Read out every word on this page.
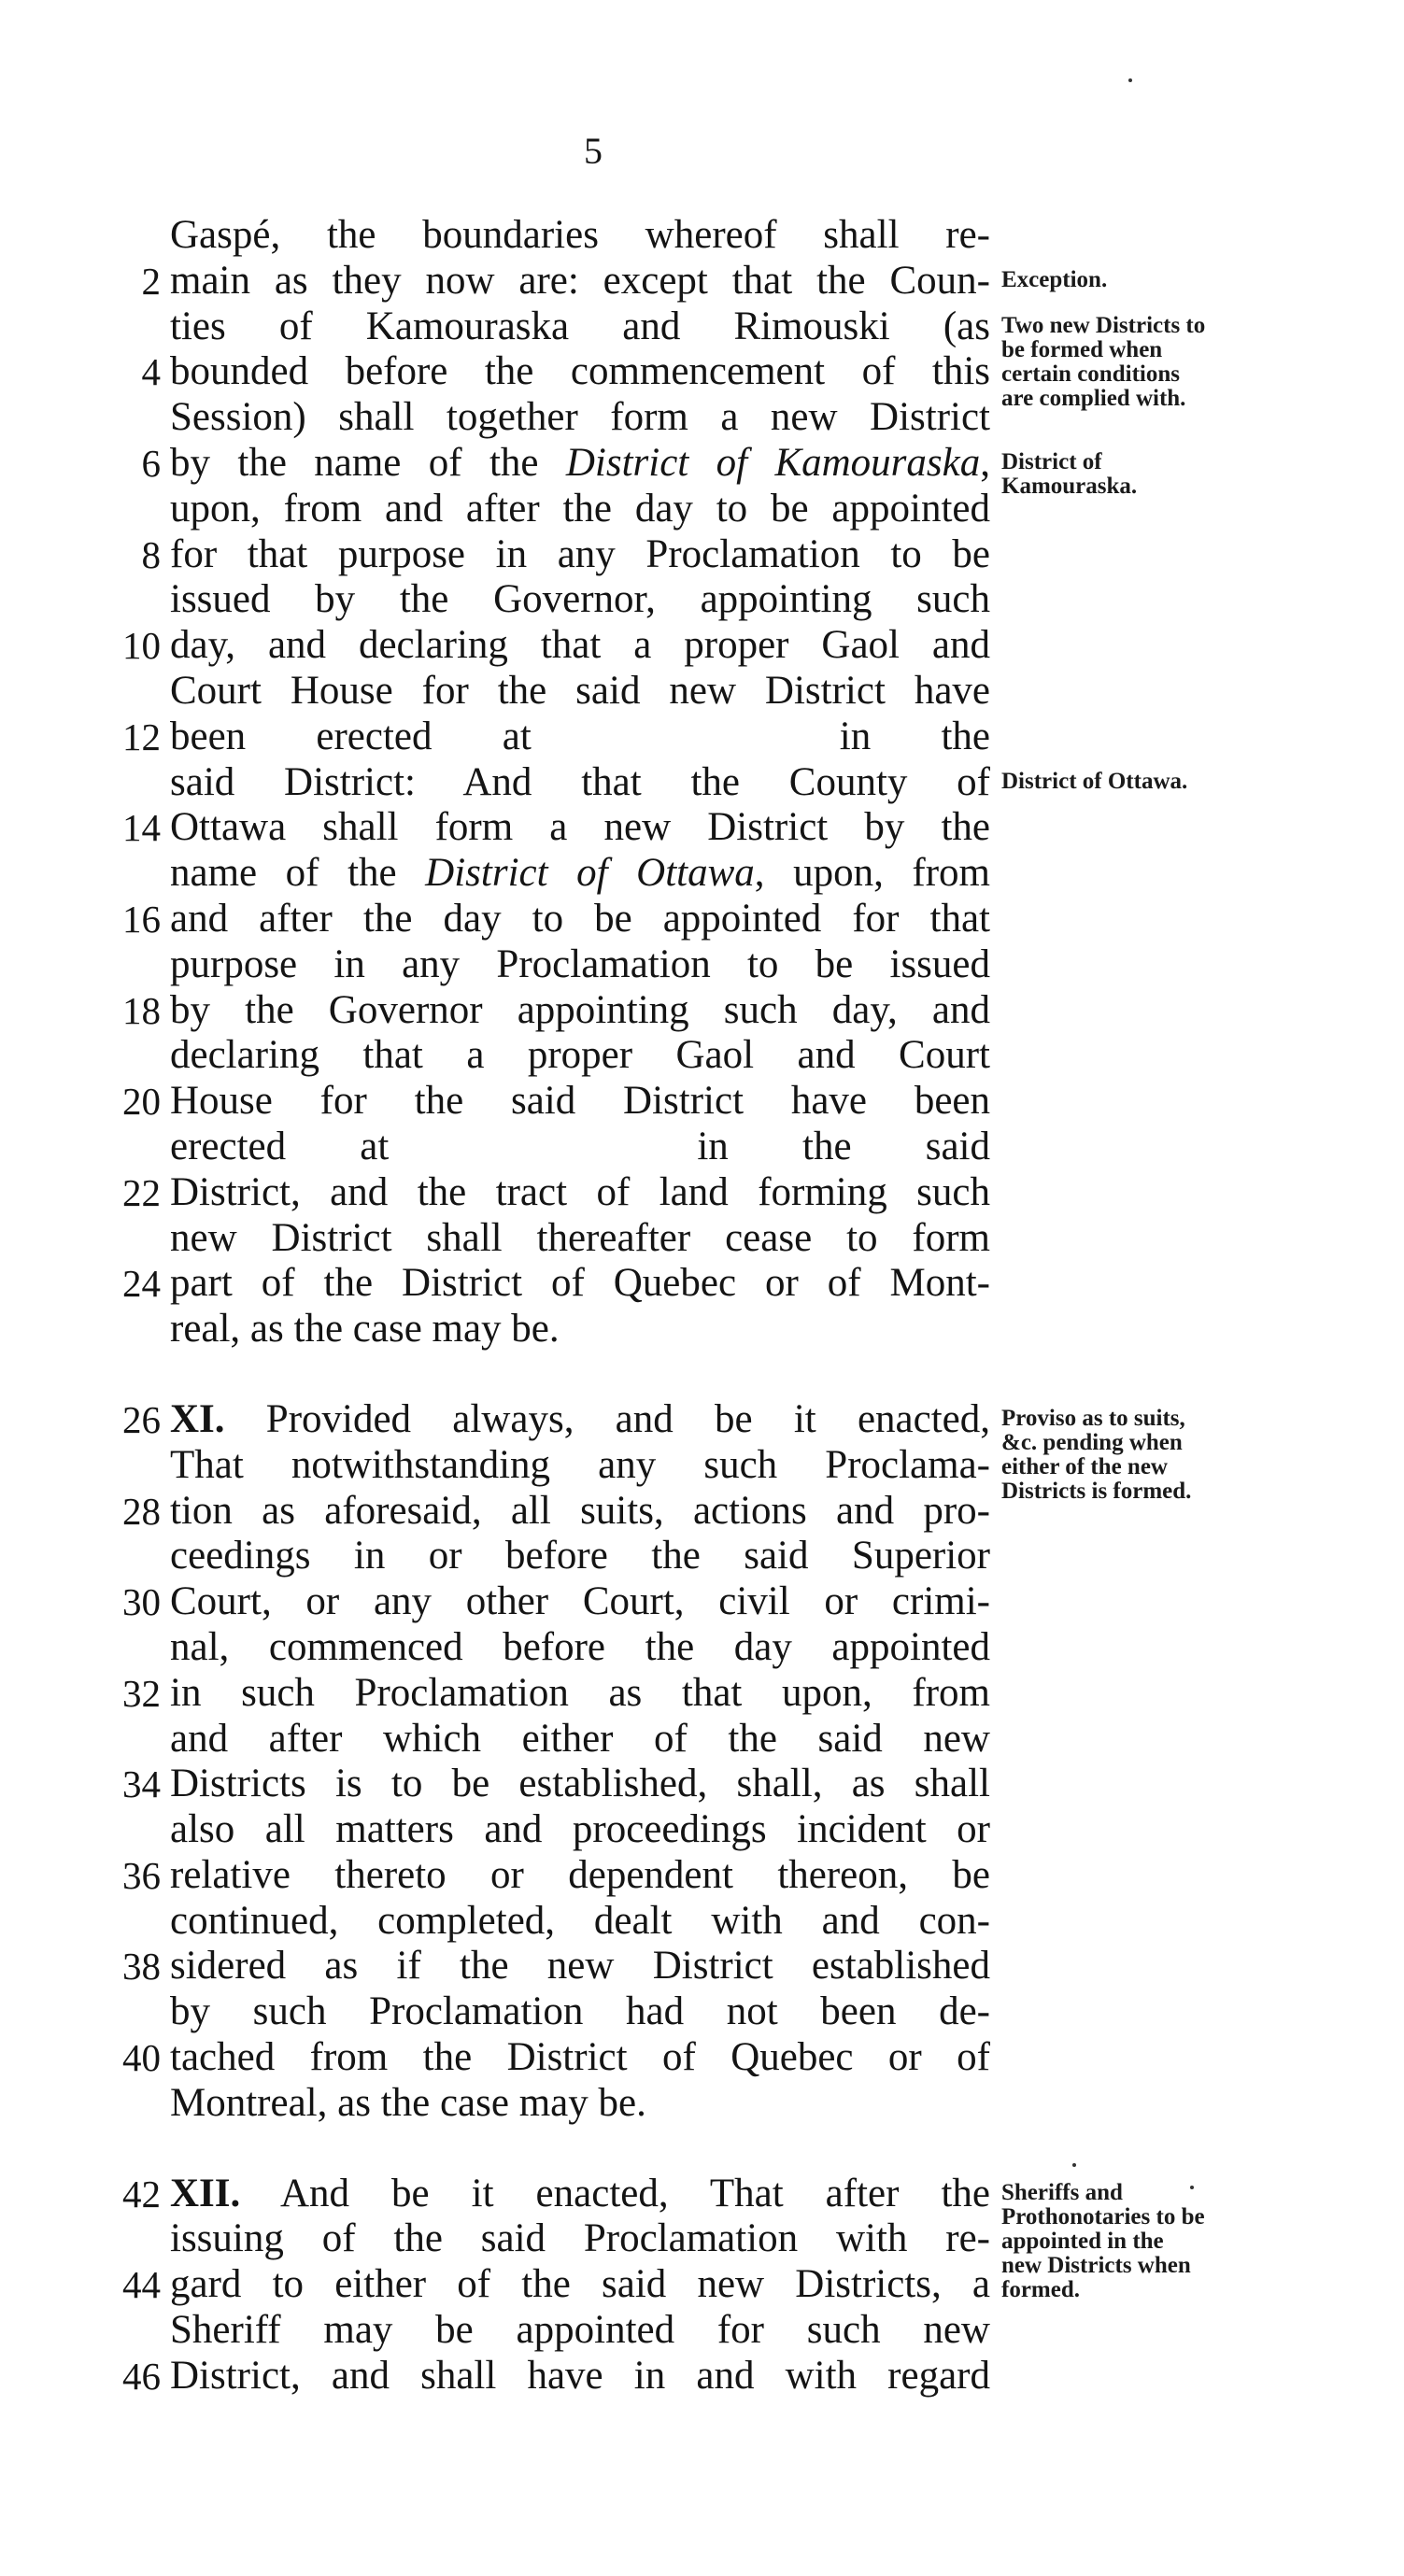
5
Gaspé, the boundaries whereof shall re-
2 main as they now are: except that the Coun-
ties of Kamouraska and Rimouski (as
4 bounded before the commencement of this
Session) shall together form a new District
6 by the name of the District of Kamouraska,
upon, from and after the day to be appointed
8 for that purpose in any Proclamation to be
issued by the Governor, appointing such
10 day, and declaring that a proper Gaol and
Court House for the said new District have
12 been erected at	in the
said District: And that the County of
14 Ottawa shall form a new District by the
name of the District of Ottawa, upon, from
16 and after the day to be appointed for that
purpose in any Proclamation to be issued
18 by the Governor appointing such day, and
declaring that a proper Gaol and Court
20 House for the said District have been
erected at	in the said
22 District, and the tract of land forming such
new District shall thereafter cease to form
24 part of the District of Quebec or of Mont-
real, as the case may be.
26 XI. Provided always, and be it enacted,
That notwithstanding any such Proclama-
28 tion as aforesaid, all suits, actions and pro-
ceedings in or before the said Superior
30 Court, or any other Court, civil or crimi-
nal, commenced before the day appointed
32 in such Proclamation as that upon, from
and after which either of the said new
34 Districts is to be established, shall, as shall
also all matters and proceedings incident or
36 relative thereto or dependent thereon, be
continued, completed, dealt with and con-
38 sidered as if the new District established
by such Proclamation had not been de-
40 tached from the District of Quebec or of
Montreal, as the case may be.
42 XII. And be it enacted, That after the
issuing of the said Proclamation with re-
44 gard to either of the said new Districts, a
Sheriff may be appointed for such new
46 District, and shall have in and with regard
Exception.
Two new Districts to be formed when certain conditions are complied with.
District of Kamouraska.
District of Ottawa.
Proviso as to suits, &c. pending when either of the new Districts is formed.
Sheriffs and Prothonotaries to be appointed in the new Districts when formed.
